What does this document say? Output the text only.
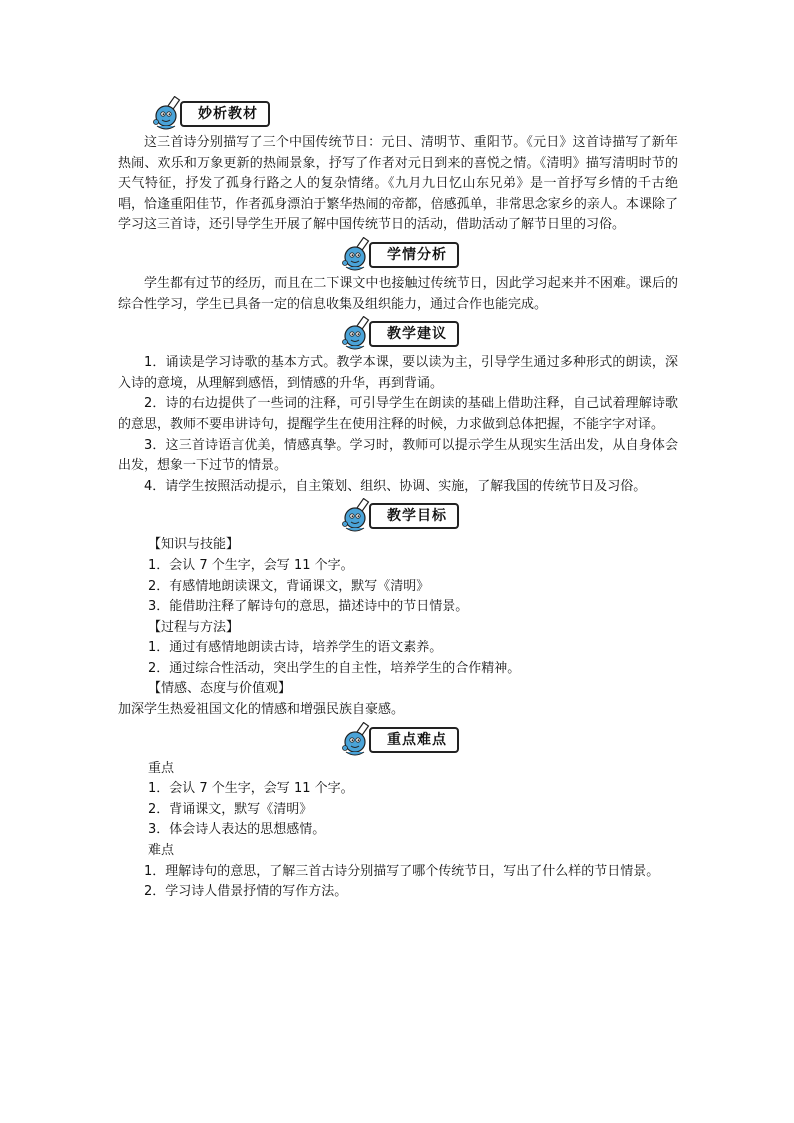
妙析教材

这三首诗分别描写了三个中国传统节日：元日、清明节、重阳节。《元日》这首诗描写了新年热闹、欢乐和万象更新的热闹景象，抒写了作者对元日到来的喜悦之情。《清明》描写清明时节的天气特征，抒发了孤身行路之人的复杂情绪。《九月九日忆山东兄弟》是一首抒写乡情的千古绝唱，恰逢重阳佳节，作者孤身漂泊于繁华热闹的帝都，倍感孤单，非常思念家乡的亲人。本课除了学习这三首诗，还引导学生开展了解中国传统节日的活动，借助活动了解节日里的习俗。

学情分析

学生都有过节的经历，而且在二下课文中也接触过传统节日，因此学习起来并不困难。课后的综合性学习，学生已具备一定的信息收集及组织能力，通过合作也能完成。

教学建议

1．诵读是学习诗歌的基本方式。教学本课，要以读为主，引导学生通过多种形式的朗读，深入诗的意境，从理解到感悟，到情感的升华，再到背诵。

2．诗的右边提供了一些词的注释，可引导学生在朗读的基础上借助注释，自己试着理解诗歌的意思，教师不要串讲诗句，提醒学生在使用注释的时候，力求做到总体把握，不能字字对译。

3．这三首诗语言优美，情感真挚。学习时，教师可以提示学生从现实生活出发，从自身体会出发，想象一下过节的情景。

4．请学生按照活动提示，自主策划、组织、协调、实施，了解我国的传统节日及习俗。

教学目标

【知识与技能】

1．会认 7 个生字，会写 11 个字。

2．有感情地朗读课文，背诵课文，默写《清明》

3．能借助注释了解诗句的意思，描述诗中的节日情景。

【过程与方法】

1．通过有感情地朗读古诗，培养学生的语文素养。

2．通过综合性活动，突出学生的自主性，培养学生的合作精神。

【情感、态度与价值观】

加深学生热爱祖国文化的情感和增强民族自豪感。

重点难点

重点

1．会认 7 个生字，会写 11 个字。

2．背诵课文，默写《清明》

3．体会诗人表达的思想感情。

难点

1．理解诗句的意思，了解三首古诗分别描写了哪个传统节日，写出了什么样的节日情景。

2．学习诗人借景抒情的写作方法。
